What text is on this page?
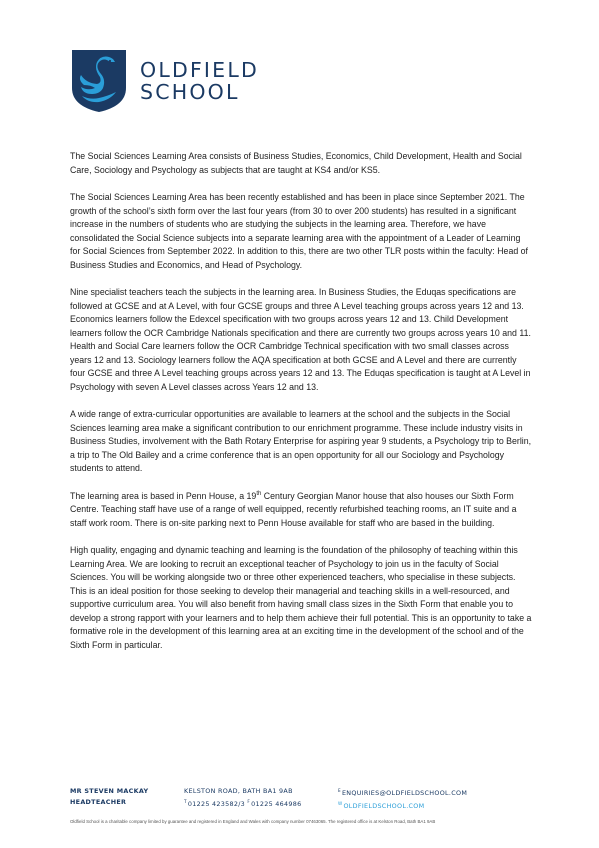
OLDFIELD
SCHOOL

The Social Sciences Learning Area consists of Business Studies, Economics, Child Development, Health and Social Care, Sociology and Psychology as subjects that are taught at KS4 and/or KS5.

The Social Sciences Learning Area has been recently established and has been in place since September 2021. The growth of the school’s sixth form over the last four years (from 30 to over 200 students) has resulted in a significant increase in the numbers of students who are studying the subjects in the learning area. Therefore, we have consolidated the Social Science subjects into a separate learning area with the appointment of a Leader of Learning for Social Sciences from September 2022. In addition to this, there are two other TLR posts within the faculty: Head of Business Studies and Economics, and Head of Psychology.

Nine specialist teachers teach the subjects in the learning area. In Business Studies, the Eduqas specifications are followed at GCSE and at A Level, with four GCSE groups and three A Level teaching groups across years 12 and 13. Economics learners follow the Edexcel specification with two groups across years 12 and 13. Child Development learners follow the OCR Cambridge Nationals specification and there are currently two groups across years 10 and 11. Health and Social Care learners follow the OCR Cambridge Technical specification with two small classes across years 12 and 13. Sociology learners follow the AQA specification at both GCSE and A Level and there are currently four GCSE and three A Level teaching groups across years 12 and 13. The Eduqas specification is taught at A Level in Psychology with seven A Level classes across Years 12 and 13.

A wide range of extra-curricular opportunities are available to learners at the school and the subjects in the Social Sciences learning area make a significant contribution to our enrichment programme. These include industry visits in Business Studies, involvement with the Bath Rotary Enterprise for aspiring year 9 students, a Psychology trip to Berlin, a trip to The Old Bailey and a crime conference that is an open opportunity for all our Sociology and Psychology students to attend.

The learning area is based in Penn House, a 19th Century Georgian Manor house that also houses our Sixth Form Centre. Teaching staff have use of a range of well equipped, recently refurbished teaching rooms, an IT suite and a staff work room. There is on-site parking next to Penn House available for staff who are based in the building.

High quality, engaging and dynamic teaching and learning is the foundation of the philosophy of teaching within this Learning Area. We are looking to recruit an exceptional teacher of Psychology to join us in the faculty of Social Sciences. You will be working alongside two or three other experienced teachers, who specialise in these subjects. This is an ideal position for those seeking to develop their managerial and teaching skills in a well-resourced, and supportive curriculum area. You will also benefit from having small class sizes in the Sixth Form that enable you to develop a strong rapport with your learners and to help them achieve their full potential. This is an opportunity to take a formative role in the development of this learning area at an exciting time in the development of the school and of the Sixth Form in particular.

MR STEVEN MACKAY
HEADTEACHER
KELSTON ROAD, BATH BA1 9AB
$^T$01225 423582/3 $^F$01225 464986
$^E$ENQUIRIES@OLDFIELDSCHOOL.COM
$^W$OLDFIELDSCHOOL.COM
Oldfield School is a charitable company limited by guarantee and registered in England and Wales with company number 07463065. The registered office is at Kelston Road, Bath BA1 9AB
